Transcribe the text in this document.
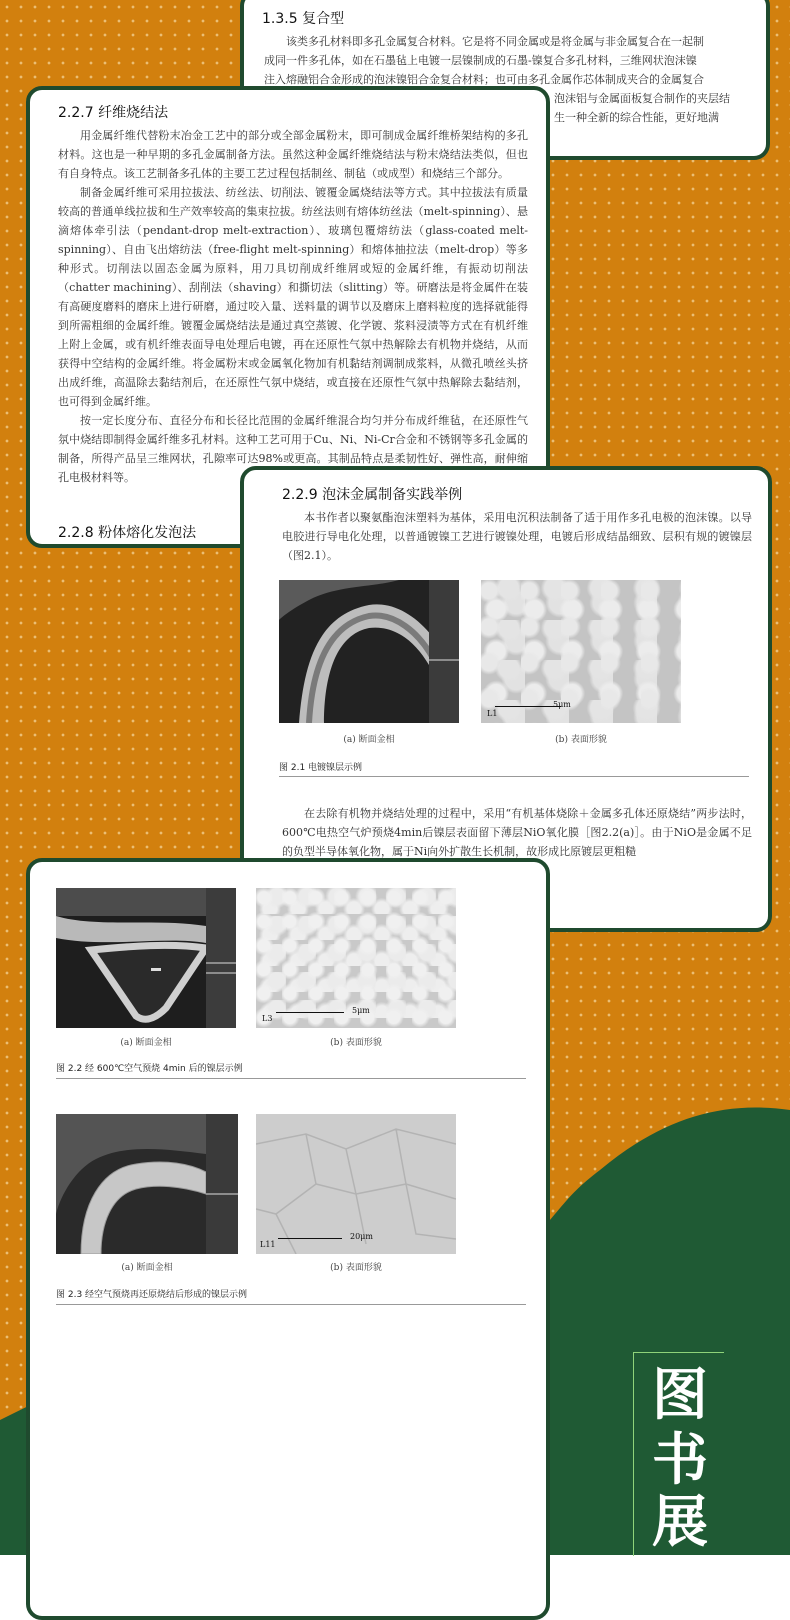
1.3.5 复合型

该类多孔材料即多孔金属复合材料。它是将不同金属或是将金属与非金属复合在一起制

成同一件多孔体，如在石墨毡上电镀一层镍制成的石墨-镍复合多孔材料，三维网状泡沫镍

注入熔融铝合金形成的泡沫镍铝合金复合材料；也可由多孔金属作芯体制成夹合的金属复合

泡沫铝与金属面板复合制作的夹层结

生一种全新的综合性能，更好地满

2.2.7 纤维烧结法

用金属纤维代替粉末冶金工艺中的部分或全部金属粉末，即可制成金属纤维桥架结构的多孔材料。这也是一种早期的多孔金属制备方法。虽然这种金属纤维烧结法与粉末烧结法类似，但也有自身特点。该工艺制备多孔体的主要工艺过程包括制丝、制毡（或成型）和烧结三个部分。

制备金属纤维可采用拉拔法、纺丝法、切削法、镀覆金属烧结法等方式。其中拉拔法有质量较高的普通单线拉拔和生产效率较高的集束拉拔。纺丝法则有熔体纺丝法（melt-spinning）、悬滴熔体牵引法（pendant-drop melt-extraction）、玻璃包覆熔纺法（glass-coated melt-spinning）、自由飞出熔纺法（free-flight melt-spinning）和熔体抽拉法（melt-drop）等多种形式。切削法以固态金属为原料，用刀具切削成纤维屑或短的金属纤维，有振动切削法（chatter machining）、刮削法（shaving）和撕切法（slitting）等。研磨法是将金属件在装有高硬度磨料的磨床上进行研磨，通过咬入量、送料量的调节以及磨床上磨料粒度的选择就能得到所需粗细的金属纤维。镀覆金属烧结法是通过真空蒸镀、化学镀、浆料浸渍等方式在有机纤维上附上金属，或有机纤维表面导电处理后电镀，再在还原性气氛中热解除去有机物并烧结，从而获得中空结构的金属纤维。将金属粉末或金属氧化物加有机黏结剂调制成浆料，从微孔喷丝头挤出成纤维，高温除去黏结剂后，在还原性气氛中烧结，或直接在还原性气氛中热解除去黏结剂，也可得到金属纤维。

按一定长度分布、直径分布和长径比范围的金属纤维混合均匀并分布成纤维毡，在还原性气氛中烧结即制得金属纤维多孔材料。这种工艺可用于Cu、Ni、Ni-Cr合金和不锈钢等多孔金属的制备，所得产品呈三维网状，孔隙率可达98%或更高。其制品特点是柔韧性好、弹性高，耐伸缩

孔电极材料等。

2.2.8 粉体熔化发泡法
2.2.9 泡沫金属制备实践举例

本书作者以聚氨酯泡沫塑料为基体，采用电沉积法制备了适于用作多孔电极的泡沫镍。以导电胶进行导电化处理，以普通镀镍工艺进行镀镍处理，电镀后形成结晶细致、层积有规的镀镍层（图2.1）。

L1
5μm
(a) 断面金相	(b) 表面形貌
图 2.1 电镀镍层示例

在去除有机物并烧结处理的过程中，采用“有机基体烧除＋金属多孔体还原烧结”两步法时，600℃电热空气炉预烧4min后镍层表面留下薄层NiO氧化膜［图2.2(a)］。由于NiO是金属不足的负型半导体氧化物，属于Ni向外扩散生长机制，故形成比原镀层更粗糙

L3
5μm
(a) 断面金相	(b) 表面形貌
图 2.2 经 600℃空气预烧 4min 后的镍层示例
L11
20μm
(a) 断面金相	(b) 表面形貌
图 2.3 经空气预烧再还原烧结后形成的镍层示例
图
书
展
